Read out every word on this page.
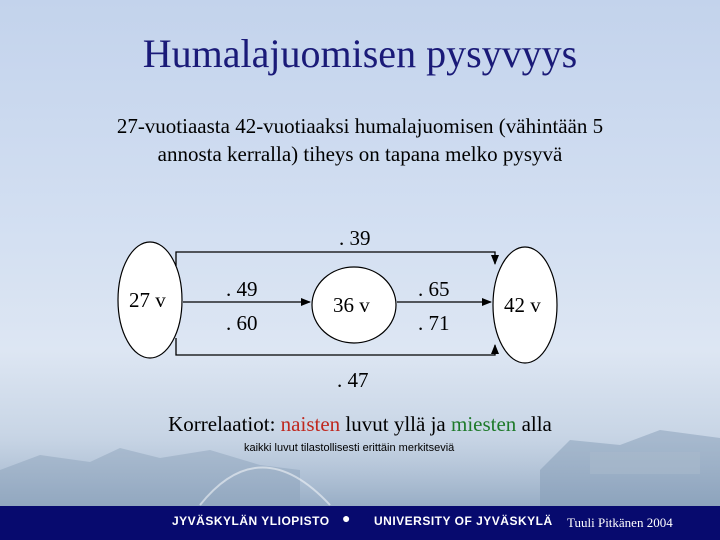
Humalajuomisen pysyvyys
27-vuotiaasta 42-vuotiaaksi humalajuomisen (vähintään 5
annosta kerralla) tiheys on tapana melko pysyvä
27 v	36 v	42 v
. 39
. 47
. 49
. 60
. 65
. 71
Korrelaatiot: naisten luvut yllä ja miesten alla
kaikki luvut tilastollisesti erittäin merkitseviä
JYVÄSKYLÄN YLIOPISTO ● UNIVERSITY OF JYVÄSKYLÄ Tuuli Pitkänen 2004
